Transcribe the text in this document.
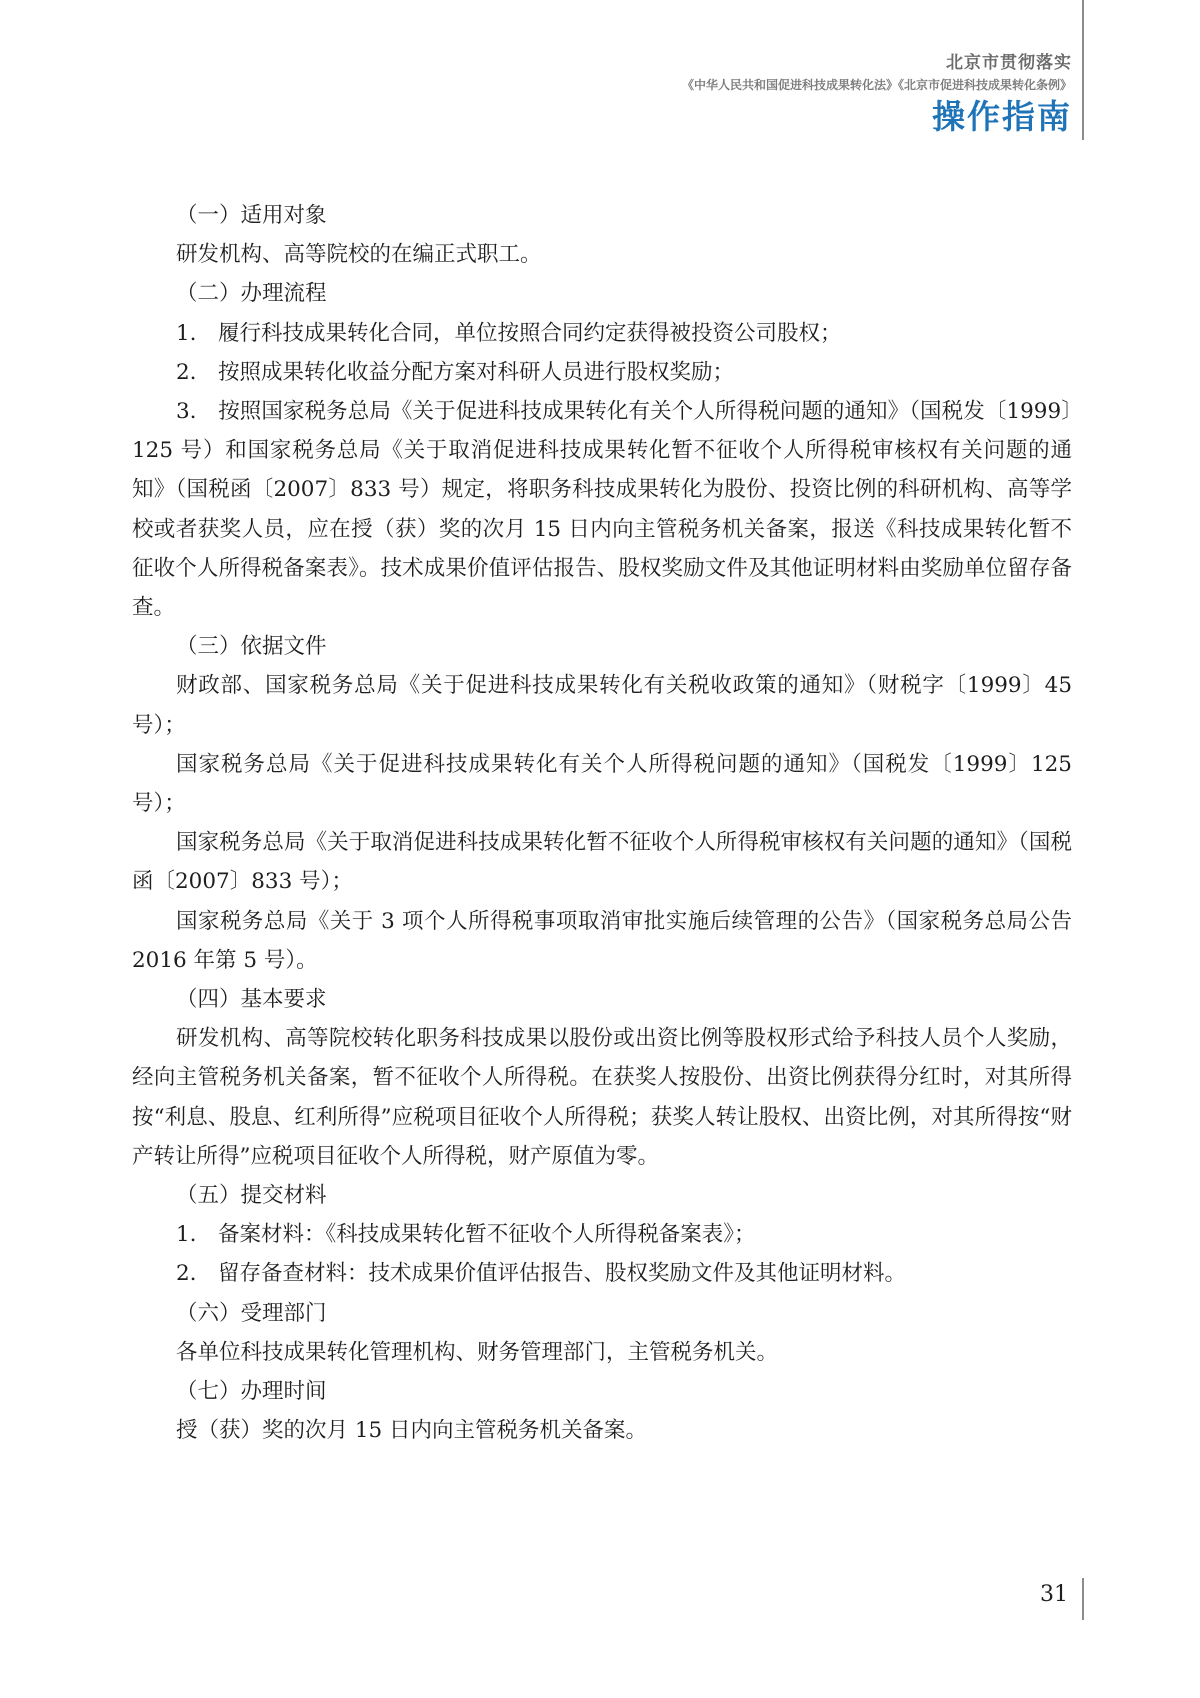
北京市贯彻落实
《中华人民共和国促进科技成果转化法》《北京市促进科技成果转化条例》
操作指南

（一）适用对象

研发机构、高等院校的在编正式职工。

（二）办理流程

1.　履行科技成果转化合同，单位按照合同约定获得被投资公司股权；

2.　按照成果转化收益分配方案对科研人员进行股权奖励；

3.　按照国家税务总局《关于促进科技成果转化有关个人所得税问题的通知》（国税发〔1999〕125 号）和国家税务总局《关于取消促进科技成果转化暂不征收个人所得税审核权有关问题的通知》（国税函〔2007〕833 号）规定，将职务科技成果转化为股份、投资比例的科研机构、高等学校或者获奖人员，应在授（获）奖的次月 15 日内向主管税务机关备案，报送《科技成果转化暂不征收个人所得税备案表》。技术成果价值评估报告、股权奖励文件及其他证明材料由奖励单位留存备查。

（三）依据文件

财政部、国家税务总局《关于促进科技成果转化有关税收政策的通知》（财税字〔1999〕45 号）；

国家税务总局《关于促进科技成果转化有关个人所得税问题的通知》（国税发〔1999〕125 号）；

国家税务总局《关于取消促进科技成果转化暂不征收个人所得税审核权有关问题的通知》（国税函〔2007〕833 号）；

国家税务总局《关于 3 项个人所得税事项取消审批实施后续管理的公告》（国家税务总局公告 2016 年第 5 号）。

（四）基本要求

研发机构、高等院校转化职务科技成果以股份或出资比例等股权形式给予科技人员个人奖励，经向主管税务机关备案，暂不征收个人所得税。在获奖人按股份、出资比例获得分红时，对其所得按“利息、股息、红利所得”应税项目征收个人所得税；获奖人转让股权、出资比例，对其所得按“财产转让所得”应税项目征收个人所得税，财产原值为零。

（五）提交材料

1.　备案材料：《科技成果转化暂不征收个人所得税备案表》；

2.　留存备查材料：技术成果价值评估报告、股权奖励文件及其他证明材料。

（六）受理部门

各单位科技成果转化管理机构、财务管理部门，主管税务机关。

（七）办理时间

授（获）奖的次月 15 日内向主管税务机关备案。

31
